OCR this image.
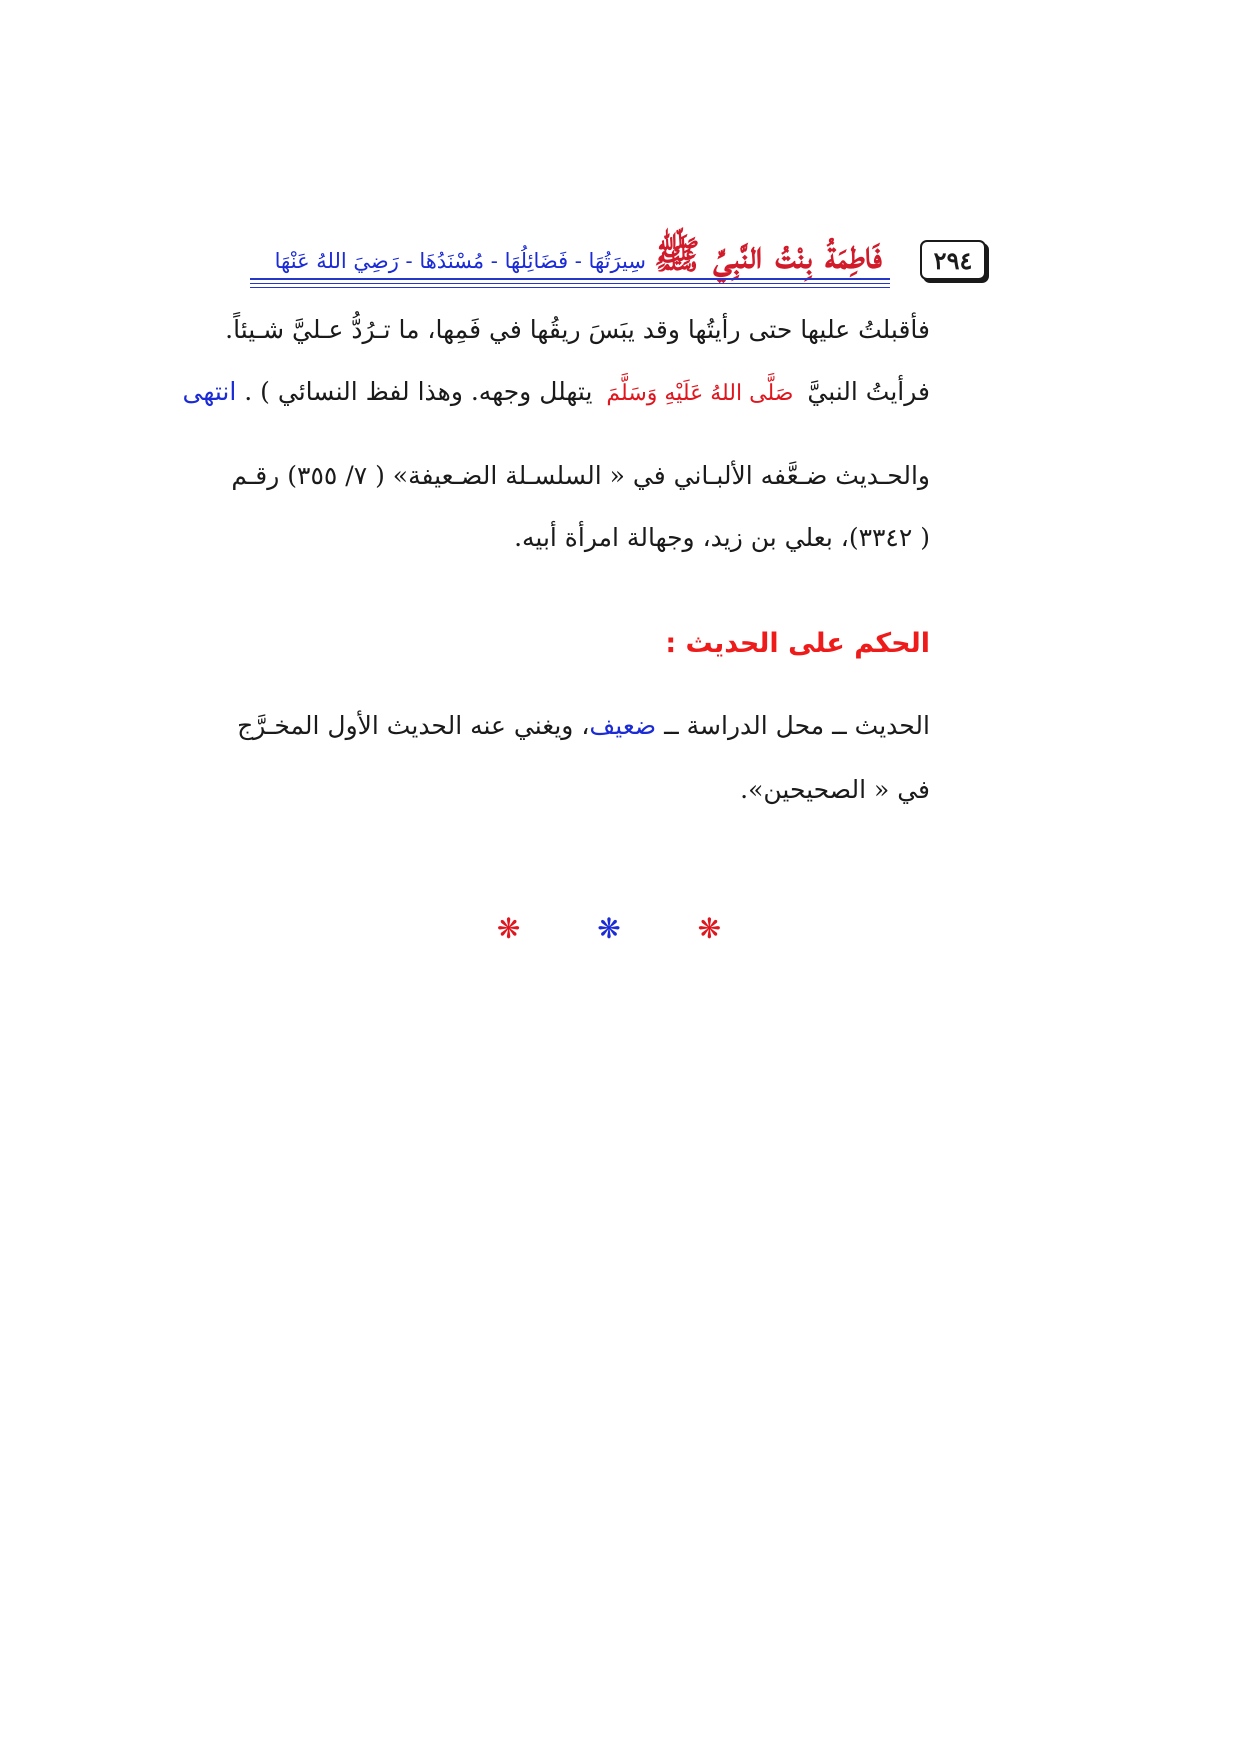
٢٩٤
فَاطِمَةُ بِنْتُ النَّبِيِّ ﷺ
سِيرَتُهَا - فَضَائِلُهَا - مُسْنَدُهَا - رَضِيَ اللهُ عَنْهَا
فأقبلتُ عليها حتى رأيتُها وقد يبَسَ ريقُها في فَمِها، ما تـرُدُّ عـليَّ شـيئاً.
فرأيتُ النبيَّ صَلَّى اللهُ عَلَيْهِ وَسَلَّمَ يتهلل وجهه. وهذا لفظ النسائي ) . انتهى
والحـديث ضـعَّفه الألبـاني في « السلسـلة الضـعيفة» ( ٧/ ٣٥٥) رقـم
( ٣٣٤٢)، بعلي بن زيد، وجهالة امرأة أبيه.
الحكم على الحديث :
الحديث ــ محل الدراسة ــ ضعيف، ويغني عنه الحديث الأول المخـرَّج
في « الصحيحين».
❋ ❋ ❋
